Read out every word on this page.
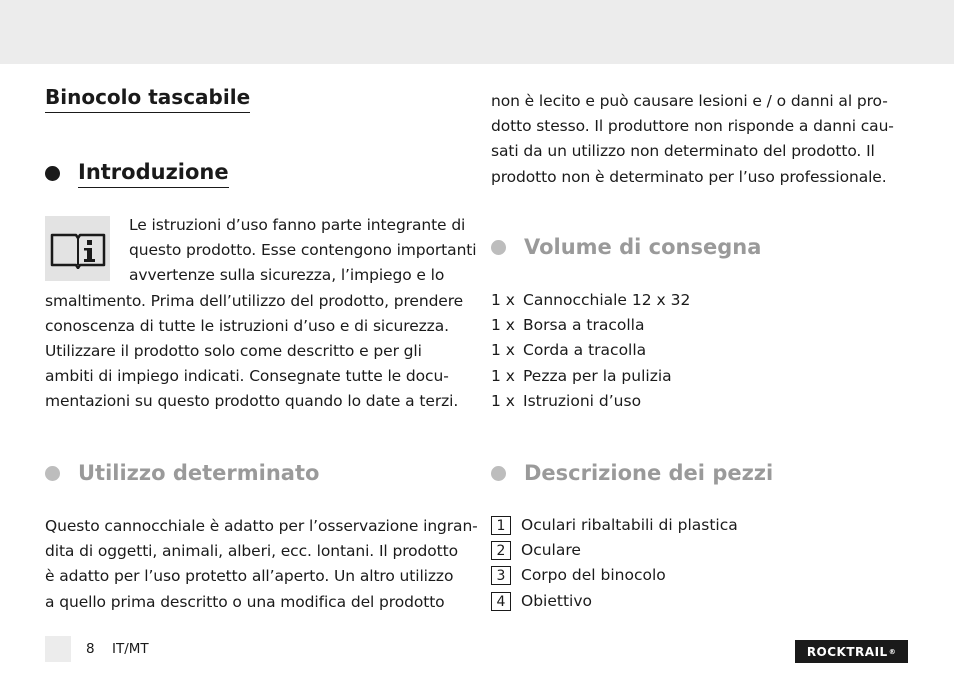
Binocolo tascabile
Introduzione

Le istruzioni d’uso fanno parte integrante di
questo prodotto. Esse contengono importanti
avvertenze sulla sicurezza, l’impiego e lo

smaltimento. Prima dell’utilizzo del prodotto, prendere
conoscenza di tutte le istruzioni d’uso e di sicurezza.
Utilizzare il prodotto solo come descritto e per gli
ambiti di impiego indicati. Consegnate tutte le docu-
mentazioni su questo prodotto quando lo date a terzi.

Utilizzo determinato

Questo cannocchiale è adatto per l’osservazione ingran-
dita di oggetti, animali, alberi, ecc. lontani. Il prodotto
è adatto per l’uso protetto all’aperto. Un altro utilizzo
a quello prima descritto o una modifica del prodotto

non è lecito e può causare lesioni e / o danni al pro-
dotto stesso. Il produttore non risponde a danni cau-
sati da un utilizzo non determinato del prodotto. Il
prodotto non è determinato per l’uso professionale.

Volume di consegna
1 x Cannocchiale 12 x 32
1 x Borsa a tracolla
1 x Corda a tracolla
1 x Pezza per la pulizia
1 x Istruzioni d’uso
Descrizione dei pezzi
1	Oculari ribaltabili di plastica
2	Oculare
3	Corpo del binocolo
4	Obiettivo
8 IT/MT	ROCKTRAIL ®
